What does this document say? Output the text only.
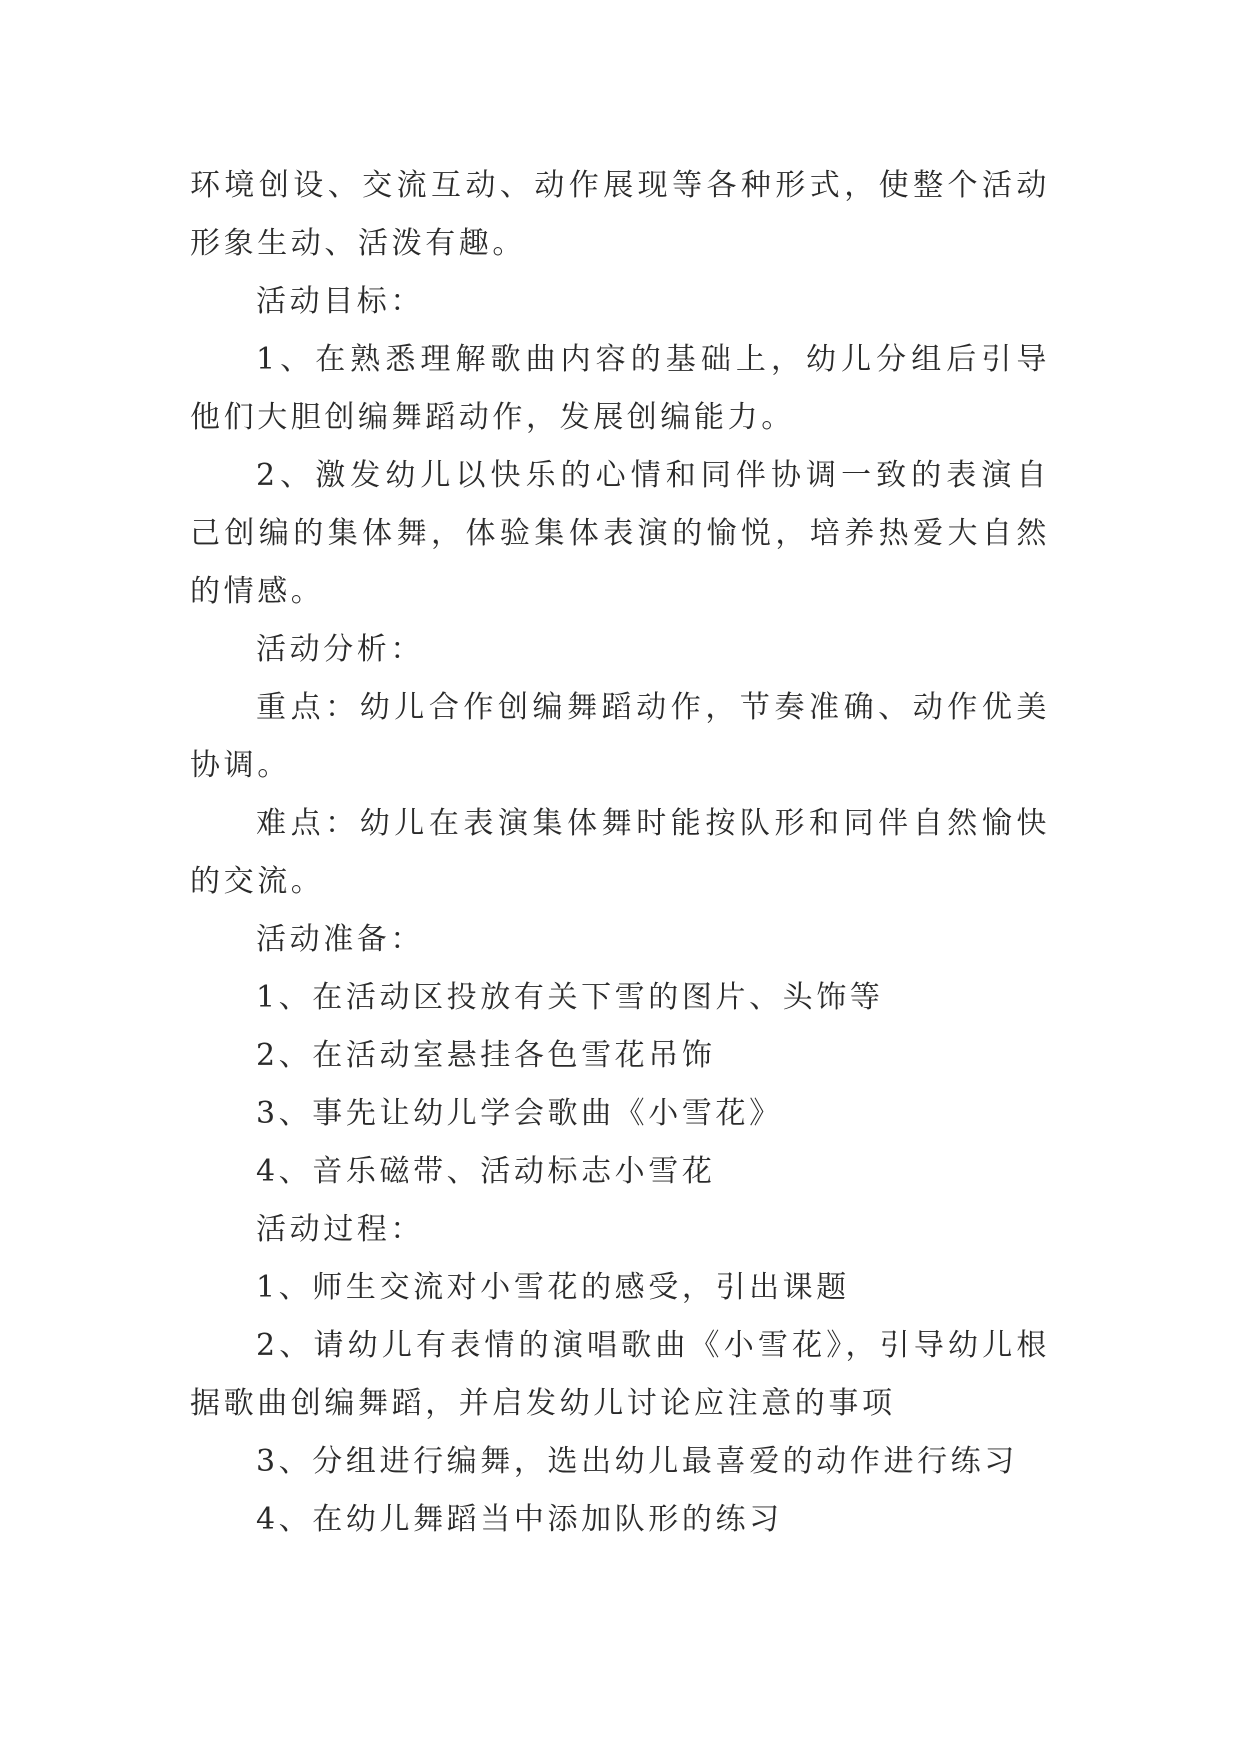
环境创设、交流互动、动作展现等各种形式，使整个活动形象生动、活泼有趣。

活动目标：

1、在熟悉理解歌曲内容的基础上，幼儿分组后引导他们大胆创编舞蹈动作，发展创编能力。

2、激发幼儿以快乐的心情和同伴协调一致的表演自己创编的集体舞，体验集体表演的愉悦，培养热爱大自然的情感。

活动分析：

重点：幼儿合作创编舞蹈动作，节奏准确、动作优美协调。

难点：幼儿在表演集体舞时能按队形和同伴自然愉快的交流。

活动准备：

1、在活动区投放有关下雪的图片、头饰等

2、在活动室悬挂各色雪花吊饰

3、事先让幼儿学会歌曲《小雪花》

4、音乐磁带、活动标志小雪花

活动过程：

1、师生交流对小雪花的感受，引出课题

2、请幼儿有表情的演唱歌曲《小雪花》，引导幼儿根据歌曲创编舞蹈，并启发幼儿讨论应注意的事项

3、分组进行编舞，选出幼儿最喜爱的动作进行练习

4、在幼儿舞蹈当中添加队形的练习
